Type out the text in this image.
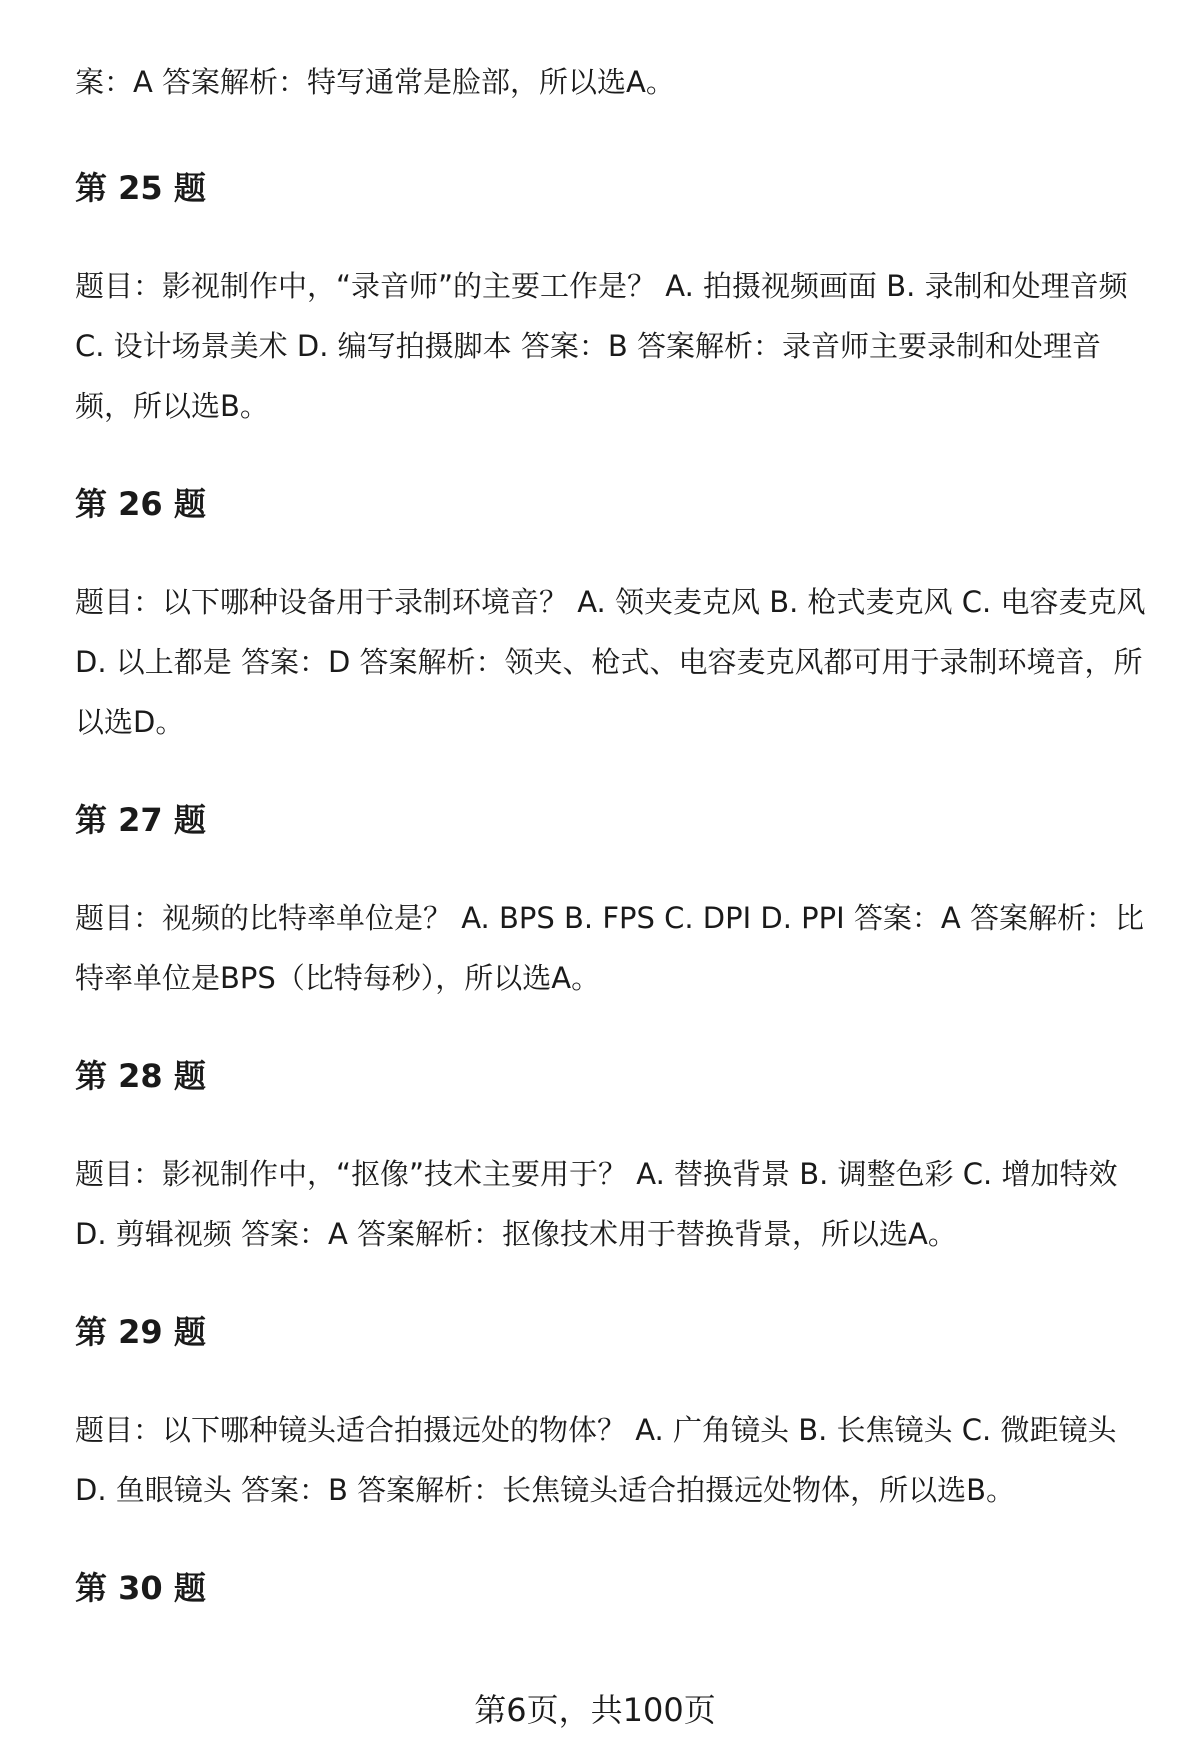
案：A 答案解析：特写通常是脸部，所以选A。

第 25 题

题目：影视制作中，“录音师”的主要工作是？ A. 拍摄视频画面 B. 录制和处理音频 C. 设计场景美术 D. 编写拍摄脚本 答案：B 答案解析：录音师主要录制和处理音频，所以选B。

第 26 题

题目：以下哪种设备用于录制环境音？ A. 领夹麦克风 B. 枪式麦克风 C. 电容麦克风 D. 以上都是 答案：D 答案解析：领夹、枪式、电容麦克风都可用于录制环境音，所以选D。

第 27 题

题目：视频的比特率单位是？ A. BPS B. FPS C. DPI D. PPI 答案：A 答案解析：比特率单位是BPS（比特每秒），所以选A。

第 28 题

题目：影视制作中，“抠像”技术主要用于？ A. 替换背景 B. 调整色彩 C. 增加特效 D. 剪辑视频 答案：A 答案解析：抠像技术用于替换背景，所以选A。

第 29 题

题目：以下哪种镜头适合拍摄远处的物体？ A. 广角镜头 B. 长焦镜头 C. 微距镜头 D. 鱼眼镜头 答案：B 答案解析：长焦镜头适合拍摄远处物体，所以选B。

第 30 题
第6页，共100页
